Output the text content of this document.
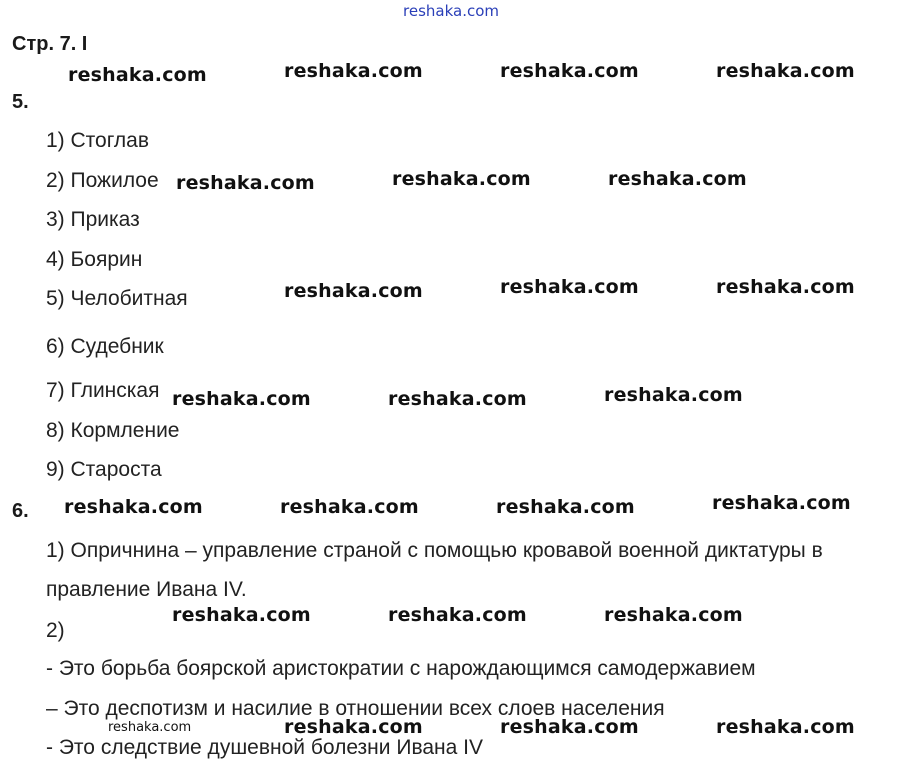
reshaka.com
Стр. 7. I
5.
1) Стоглав
2) Пожилое
3) Приказ
4) Боярин
5) Челобитная
6) Судебник
7) Глинская
8) Кормление
9) Староста
6.
1) Опричнина – управление страной с помощью кровавой военной диктатуры в
правление Ивана IV.
2)
- Это борьба боярской аристократии с нарождающимся самодержавием
– Это деспотизм и насилие в отношении всех слоев населения
- Это следствие душевной болезни Ивана IV
reshaka.com	reshaka.com	reshaka.com	reshaka.com
reshaka.com	reshaka.com	reshaka.com
reshaka.com	reshaka.com	reshaka.com
reshaka.com	reshaka.com	reshaka.com
reshaka.com	reshaka.com	reshaka.com	reshaka.com
reshaka.com	reshaka.com	reshaka.com
reshaka.com	reshaka.com	reshaka.com	reshaka.com
